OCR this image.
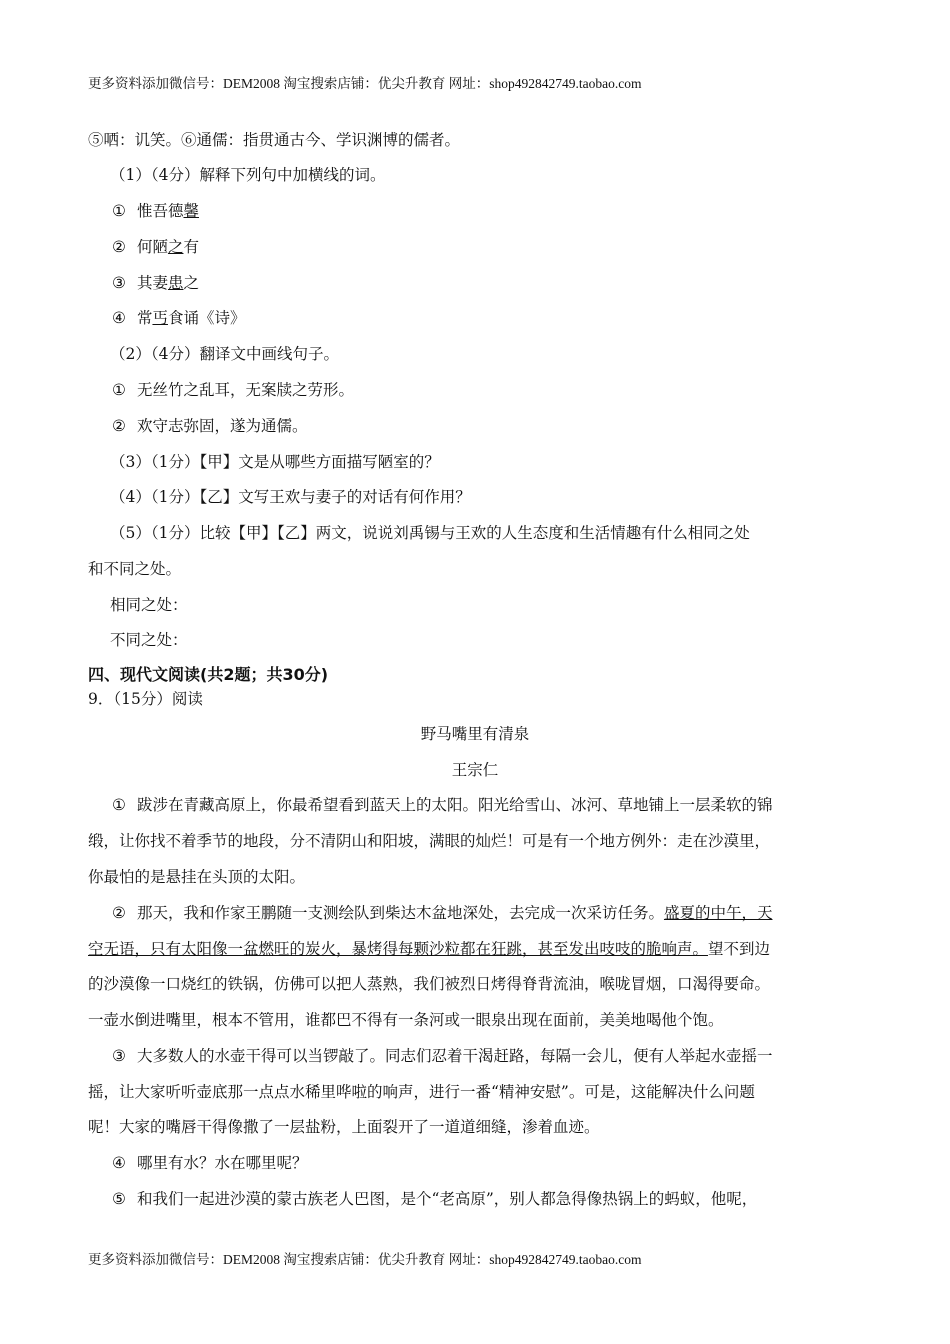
更多资料添加微信号：DEM2008 淘宝搜索店铺：优尖升教育 网址：shop492842749.taobao.com
⑤哂：讥笑。⑥通儒：指贯通古今、学识渊博的儒者。
（1）（4分）解释下列句中加横线的词。
① 惟吾德馨
② 何陋之有
③ 其妻患之
④ 常丐食诵《诗》
（2）（4分）翻译文中画线句子。
① 无丝竹之乱耳，无案牍之劳形。
② 欢守志弥固，遂为通儒。
（3）（1分）【甲】文是从哪些方面描写陋室的？
（4）（1分）【乙】文写王欢与妻子的对话有何作用？
（5）（1分）比较【甲】【乙】两文，说说刘禹锡与王欢的人生态度和生活情趣有什么相同之处
和不同之处。
相同之处：
不同之处：
四、现代文阅读(共2题；共30分)
9．（15分）阅读
野马嘴里有清泉
王宗仁
① 跋涉在青藏高原上，你最希望看到蓝天上的太阳。阳光给雪山、冰河、草地铺上一层柔软的锦
缎，让你找不着季节的地段，分不清阴山和阳坡，满眼的灿烂！可是有一个地方例外：走在沙漠里，
你最怕的是悬挂在头顶的太阳。
② 那天，我和作家王鹏随一支测绘队到柴达木盆地深处，去完成一次采访任务。盛夏的中午，天
空无语，只有太阳像一盆燃旺的炭火，暴烤得每颗沙粒都在狂跳，甚至发出吱吱的脆响声。望不到边
的沙漠像一口烧红的铁锅，仿佛可以把人蒸熟，我们被烈日烤得脊背流油，喉咙冒烟，口渴得要命。
一壶水倒进嘴里，根本不管用，谁都巴不得有一条河或一眼泉出现在面前，美美地喝他个饱。
③ 大多数人的水壶干得可以当锣敲了。同志们忍着干渴赶路，每隔一会儿，便有人举起水壶摇一
摇，让大家听听壶底那一点点水稀里哗啦的响声，进行一番“精神安慰”。可是，这能解决什么问题
呢！大家的嘴唇干得像撒了一层盐粉，上面裂开了一道道细缝，渗着血迹。
④ 哪里有水？水在哪里呢？
⑤ 和我们一起进沙漠的蒙古族老人巴图，是个“老高原”，别人都急得像热锅上的蚂蚁，他呢，
更多资料添加微信号：DEM2008 淘宝搜索店铺：优尖升教育 网址：shop492842749.taobao.com
